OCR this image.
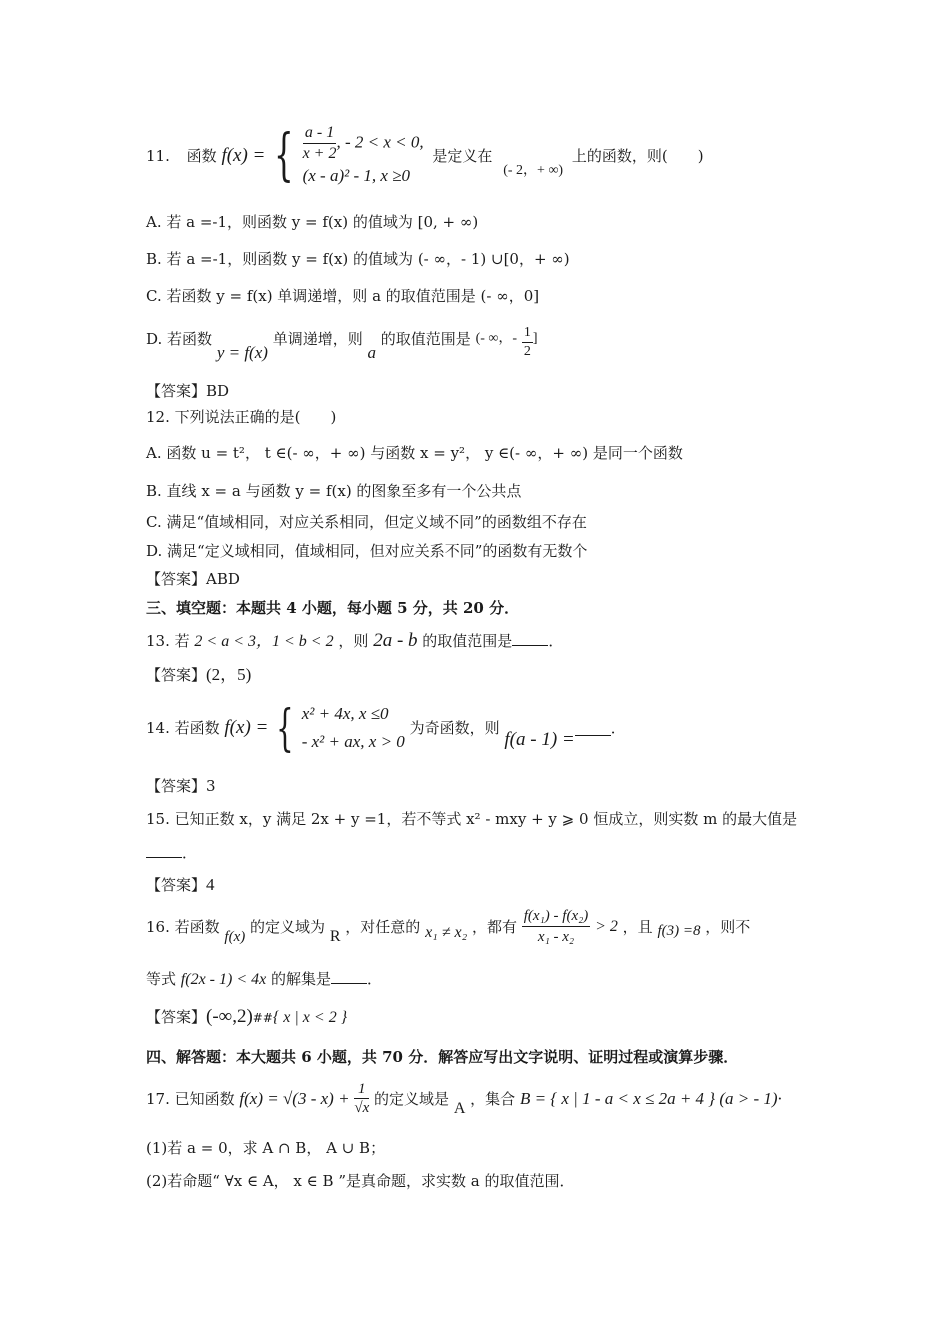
11. 函数 f(x) = { $\frac{a - 1}{x + 2}$ , - 2 < x < 0,
(x - a)² - 1, x ≥0
是定义在 (- 2，+ ∞) 上的函数，则(　　)
A. 若 a =-1，则函数 y = f(x) 的值域为 [0, + ∞)
B. 若 a =-1，则函数 y = f(x) 的值域为 (- ∞，- 1) ∪[0，+ ∞)
C. 若函数 y = f(x) 单调递增，则 a 的取值范围是 (- ∞，0]
D. 若函数 y = f(x) 单调递增，则 a 的取值范围是 (- ∞，- $\frac{1}{2}$ ]
【答案】BD
12. 下列说法正确的是(　　)
A. 函数 u = t²， t ∈(- ∞，+ ∞) 与函数 x = y²， y ∈(- ∞，+ ∞) 是同一个函数
B. 直线 x = a 与函数 y = f(x) 的图象至多有一个公共点
C. 满足“值域相同，对应关系相同，但定义域不同”的函数组不存在
D. 满足“定义域相同，值域相同，但对应关系不同”的函数有无数个
【答案】ABD
三、填空题：本题共 4 小题，每小题 5 分，共 20 分．
13. 若 2 < a < 3，1 < b < 2 ，则 2a - b 的取值范围是 ．
【答案】(2，5)
14. 若函数 f(x) = { x² + 4x, x ≤0
- x² + ax, x > 0
为奇函数，则 f(a - 1) =．
【答案】3
15. 已知正数 x，y 满足 2x + y =1，若不等式 x² - mxy + y ⩾ 0 恒成立，则实数 m 的最大值是
．
【答案】4
16. 若函数 f(x) 的定义域为 R ，对任意的 x₁ ≠ x₂ ，都有 $\frac{\text{f(x₁) - f(x₂)}}{\text{x₁ - x₂}} > 2$ ，且 f(3) =8 ，则不
等式 f(2x - 1) < 4x 的解集是 ．
【答案】(-∞,2)##{ x | x < 2 }
四、解答题：本大题共 6 小题，共 70 分．解答应写出文字说明、证明过程或演算步骤．
17. 已知函数 $f(x) = √(3 - x) + \frac{1}{√x}$ 的定义域是 A ，集合 B = { x | 1 - a < x ≤ 2a + 4 } (a > - 1)·
(1)若 a = 0，求 A ∩ B， A ∪ B；
(2)若命题“ ∀x ∈ A， x ∈ B ”是真命题，求实数 a 的取值范围．
